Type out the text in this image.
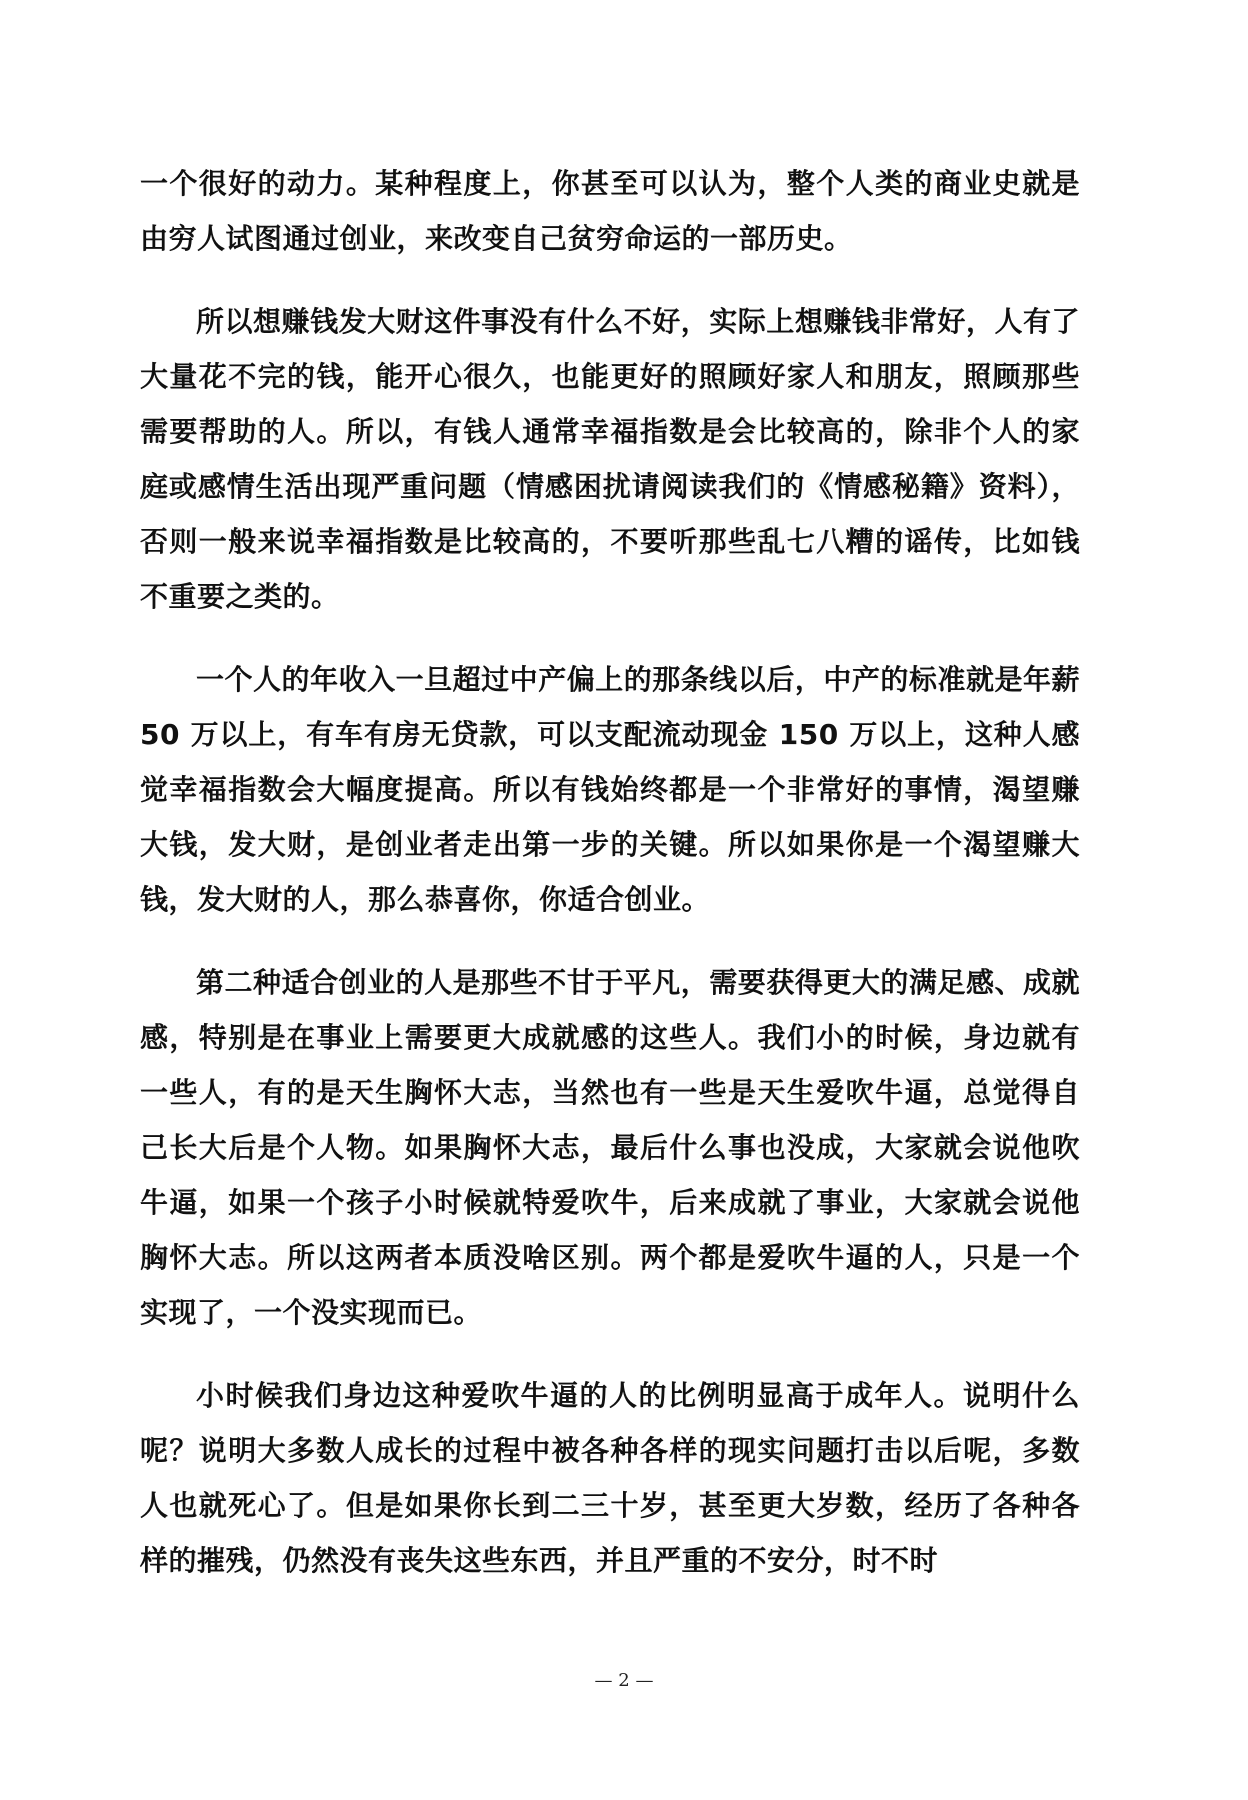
一个很好的动力。某种程度上，你甚至可以认为，整个人类的商业史就是由穷人试图通过创业，来改变自己贫穷命运的一部历史。

所以想赚钱发大财这件事没有什么不好，实际上想赚钱非常好，人有了大量花不完的钱，能开心很久，也能更好的照顾好家人和朋友，照顾那些需要帮助的人。所以，有钱人通常幸福指数是会比较高的，除非个人的家庭或感情生活出现严重问题（情感困扰请阅读我们的《情感秘籍》资料），否则一般来说幸福指数是比较高的，不要听那些乱七八糟的谣传，比如钱不重要之类的。

一个人的年收入一旦超过中产偏上的那条线以后，中产的标准就是年薪 50 万以上，有车有房无贷款，可以支配流动现金 150 万以上，这种人感觉幸福指数会大幅度提高。所以有钱始终都是一个非常好的事情，渴望赚大钱，发大财，是创业者走出第一步的关键。所以如果你是一个渴望赚大钱，发大财的人，那么恭喜你，你适合创业。

第二种适合创业的人是那些不甘于平凡，需要获得更大的满足感、成就感，特别是在事业上需要更大成就感的这些人。我们小的时候，身边就有一些人，有的是天生胸怀大志，当然也有一些是天生爱吹牛逼，总觉得自己长大后是个人物。如果胸怀大志，最后什么事也没成，大家就会说他吹牛逼，如果一个孩子小时候就特爱吹牛，后来成就了事业，大家就会说他胸怀大志。所以这两者本质没啥区别。两个都是爱吹牛逼的人，只是一个实现了，一个没实现而已。

小时候我们身边这种爱吹牛逼的人的比例明显高于成年人。说明什么呢？说明大多数人成长的过程中被各种各样的现实问题打击以后呢，多数人也就死心了。但是如果你长到二三十岁，甚至更大岁数，经历了各种各样的摧残，仍然没有丧失这些东西，并且严重的不安分，时不时

— 2 —
